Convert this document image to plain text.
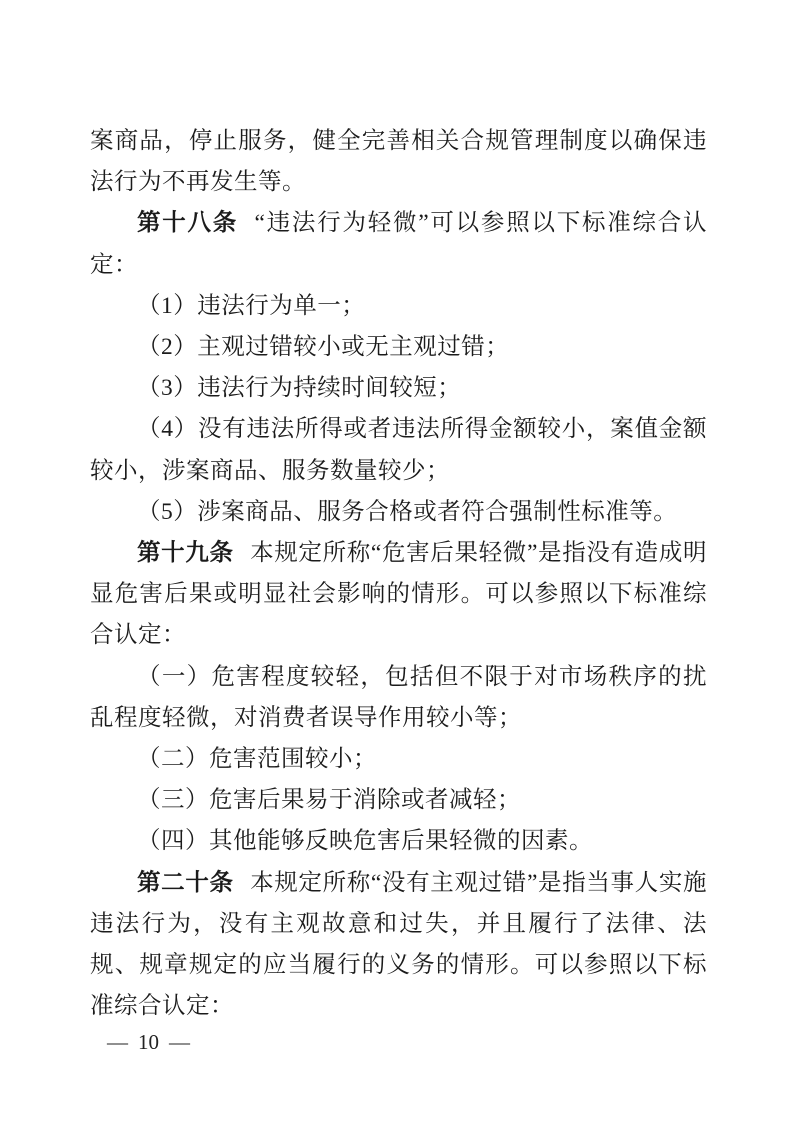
案商品，停止服务，健全完善相关合规管理制度以确保违法行为不再发生等。

第十八条 “违法行为轻微”可以参照以下标准综合认定：

（1）违法行为单一；

（2）主观过错较小或无主观过错；

（3）违法行为持续时间较短；

（4）没有违法所得或者违法所得金额较小，案值金额较小，涉案商品、服务数量较少；

（5）涉案商品、服务合格或者符合强制性标准等。

第十九条 本规定所称“危害后果轻微”是指没有造成明显危害后果或明显社会影响的情形。可以参照以下标准综合认定：

（一）危害程度较轻，包括但不限于对市场秩序的扰乱程度轻微，对消费者误导作用较小等；

（二）危害范围较小；

（三）危害后果易于消除或者减轻；

（四）其他能够反映危害后果轻微的因素。

第二十条 本规定所称“没有主观过错”是指当事人实施违法行为，没有主观故意和过失，并且履行了法律、法规、规章规定的应当履行的义务的情形。可以参照以下标准综合认定：

— 10 —
